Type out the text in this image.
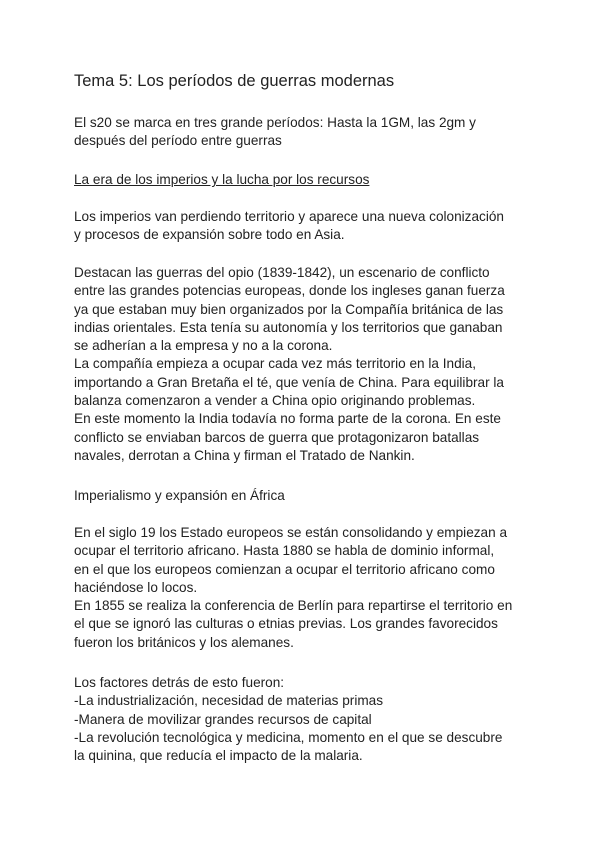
Tema 5: Los períodos de guerras modernas

El s20 se marca en tres grande períodos: Hasta la 1GM, las 2gm y
después del período entre guerras

La era de los imperios y la lucha por los recursos

Los imperios van perdiendo territorio y aparece una nueva colonización
y procesos de expansión sobre todo en Asia.

Destacan las guerras del opio (1839-1842), un escenario de conflicto
entre las grandes potencias europeas, donde los ingleses ganan fuerza
ya que estaban muy bien organizados por la Compañía británica de las
indias orientales. Esta tenía su autonomía y los territorios que ganaban
se adherían a la empresa y no a la corona.
La compañía empieza a ocupar cada vez más territorio en la India,
importando a Gran Bretaña el té, que venía de China. Para equilibrar la
balanza comenzaron a vender a China opio originando problemas.
En este momento la India todavía no forma parte de la corona. En este
conflicto se enviaban barcos de guerra que protagonizaron batallas
navales, derrotan a China y firman el Tratado de Nankin.

Imperialismo y expansión en África

En el siglo 19 los Estado europeos se están consolidando y empiezan a
ocupar el territorio africano. Hasta 1880 se habla de dominio informal,
en el que los europeos comienzan a ocupar el territorio africano como
haciéndose lo locos.
En 1855 se realiza la conferencia de Berlín para repartirse el territorio en
el que se ignoró las culturas o etnias previas. Los grandes favorecidos
fueron los británicos y los alemanes.

Los factores detrás de esto fueron:
-La industrialización, necesidad de materias primas
-Manera de movilizar grandes recursos de capital
-La revolución tecnológica y medicina, momento en el que se descubre
la quinina, que reducía el impacto de la malaria.
